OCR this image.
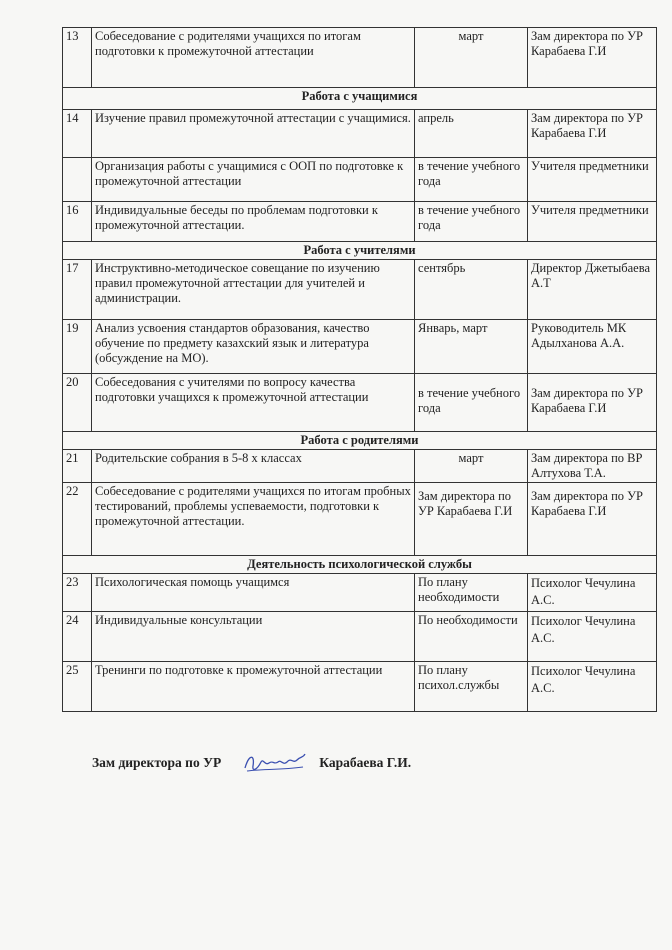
13	Собеседование с родителями учащихся по итогам подготовки к промежуточной аттестации	март	Зам директора по УР Карабаева Г.И
Работа с учащимися			
14	Изучение правил промежуточной аттестации с учащимися.	апрель	Зам директора по УР Карабаева Г.И
	Организация работы с учащимися с ООП по подготовке к промежуточной аттестации	в течение учебного года	Учителя предметники
16	Индивидуальные беседы по проблемам подготовки к промежуточной аттестации.	в течение учебного года	Учителя предметники
Работа с учителями			
17	Инструктивно-методическое совещание по изучению правил промежуточной аттестации для учителей и администрации.	сентябрь	Директор Джетыбаева А.Т
19	Анализ усвоения стандартов образования, качество обучение по предмету казахский язык и литература (обсуждение на МО).	Январь, март	Руководитель МК Адылханова А.А.
20	Собеседования с учителями по вопросу качества подготовки учащихся к промежуточной аттестации	в течение учебного года	Зам директора по УР Карабаева Г.И
Работа с родителями			
21	Родительские собрания в 5-8 х классах	март	Зам директора по ВР Алтухова Т.А.
22	Собеседование с родителями учащихся по итогам пробных тестирований, проблемы успеваемости, подготовки к промежуточной аттестации.	Зам директора по УР Карабаева Г.И	Зам директора по УР Карабаева Г.И
Деятельность психологической службы			
23	Психологическая помощь учащимся	По плану необходимости	Психолог Чечулина А.С.
24	Индивидуальные консультации	По необходимости	Психолог Чечулина А.С.
25	Тренинги по подготовке к промежуточной аттестации	По плану психол.службы	Психолог Чечулина А.С.
Зам директора по УР	Карабаева Г.И.
